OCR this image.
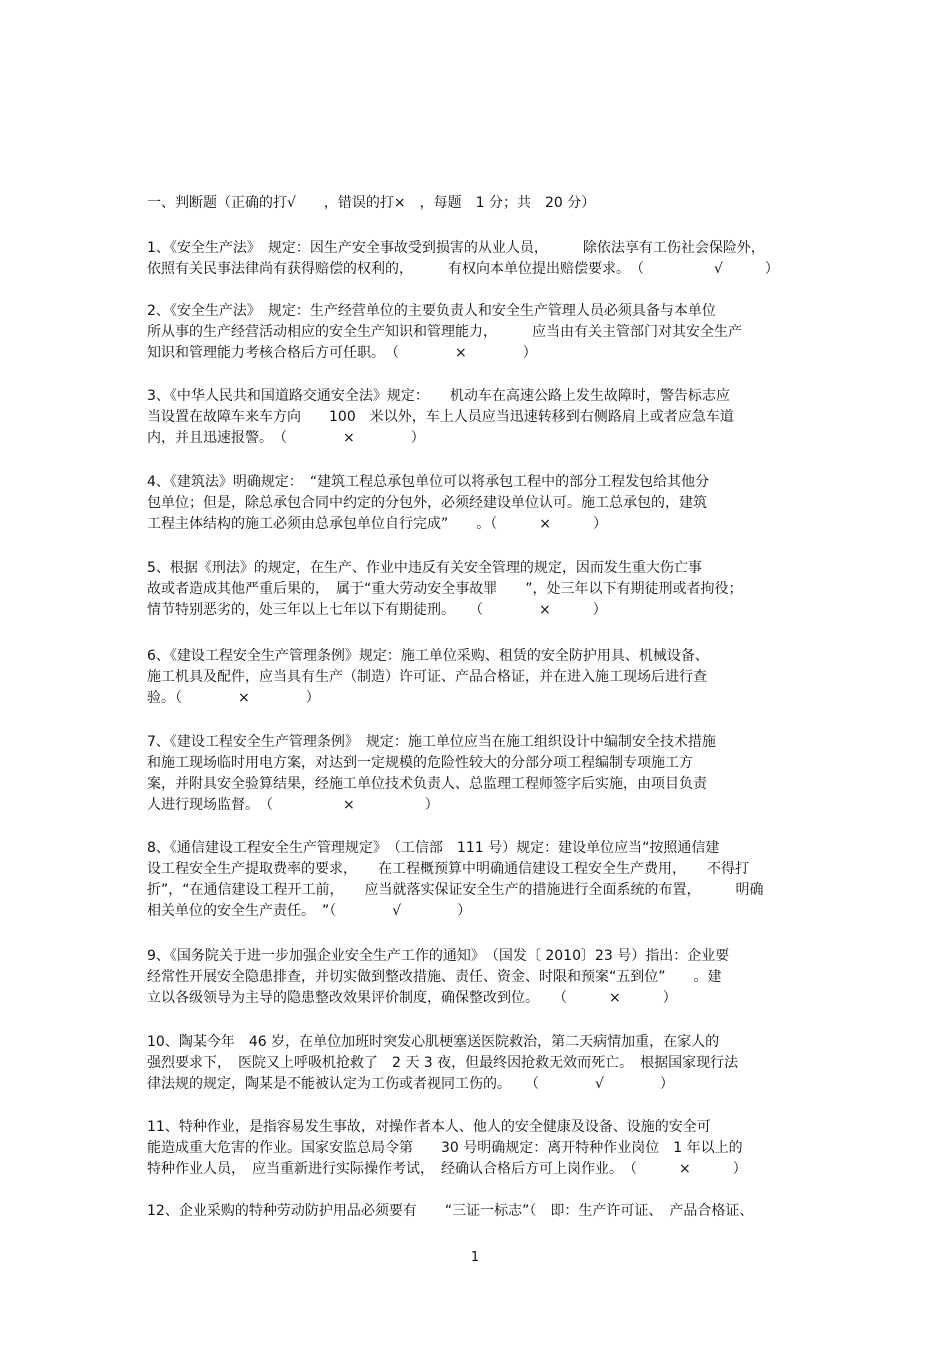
一、判断题（正确的打√　　，错误的打×　，每题　1 分；共　20 分）
1、《安全生产法》　规定：因生产安全事故受到损害的从业人员，　　　除依法享有工伤社会保险外，
依照有关民事法律尚有获得赔偿的权利的，　　　有权向本单位提出赔偿要求。　（　　　　　√　　　）
2、《安全生产法》　规定：生产经营单位的主要负责人和安全生产管理人员必须具备与本单位
所从事的生产经营活动相应的安全生产知识和管理能力，　　　应当由有关主管部门对其安全生产
知识和管理能力考核合格后方可任职。　（　　　　×　　　　）
3、《中华人民共和国道路交通安全法》规定：　　机动车在高速公路上发生故障时，警告标志应
当设置在故障车来车方向　　100　米以外，车上人员应当迅速转移到右侧路肩上或者应急车道
内，并且迅速报警。　（　　　　×　　　　）
4、《建筑法》明确规定：　“建筑工程总承包单位可以将承包工程中的部分工程发包给其他分
包单位；但是，除总承包合同中约定的分包外，必须经建设单位认可。施工总承包的，建筑
工程主体结构的施工必须由总承包单位自行完成”　　。（　　　×　　　）
5、根据《刑法》的规定，在生产、作业中违反有关安全管理的规定，因而发生重大伤亡事
故或者造成其他严重后果的，　属于“重大劳动安全事故罪　　”，处三年以下有期徒刑或者拘役；
情节特别恶劣的，处三年以上七年以下有期徒刑。　　（　　　　×　　　）
6、《建设工程安全生产管理条例》规定：施工单位采购、租赁的安全防护用具、机械设备、
施工机具及配件，应当具有生产（制造）许可证、产品合格证，并在进入施工现场后进行查
验。（　　　　×　　　　）
7、《建设工程安全生产管理条例》　规定：施工单位应当在施工组织设计中编制安全技术措施
和施工现场临时用电方案，对达到一定规模的危险性较大的分部分项工程编制专项施工方
案，并附具安全验算结果，经施工单位技术负责人、总监理工程师签字后实施，由项目负责
人进行现场监督。　（　　　　　×　　　　　）
8、《通信建设工程安全生产管理规定》　（工信部　111 号）规定：建设单位应当“按照通信建
设工程安全生产提取费率的要求，　　在工程概预算中明确通信建设工程安全生产费用，　　不得打
折”，“在通信建设工程开工前，　　应当就落实保证安全生产的措施进行全面系统的布置，　　　明确
相关单位的安全生产责任。　”（　　　　√　　　　）
9、《国务院关于进一步加强企业安全生产工作的通知》　（国发〔 2010〕23 号）指出：企业要
经常性开展安全隐患排查，并切实做到整改措施、责任、资金、时限和预案“五到位”　　。建
立以各级领导为主导的隐患整改效果评价制度，确保整改到位。　　（　　　×　　　）
10、陶某今年　46 岁，在单位加班时突发心肌梗塞送医院救治，第二天病情加重，在家人的
强烈要求下，　医院又上呼吸机抢救了　2 天 3 夜，但最终因抢救无效而死亡。　根据国家现行法
律法规的规定，陶某是不能被认定为工伤或者视同工伤的。　　（　　　　√　　　　）
11、特种作业，是指容易发生事故，对操作者本人、他人的安全健康及设备、设施的安全可
能造成重大危害的作业。国家安监总局令第　　30 号明确规定：离开特种作业岗位　1 年以上的
特种作业人员，　应当重新进行实际操作考试，　经确认合格后方可上岗作业。　（　　　×　　　）
12、企业采购的特种劳动防护用品必须要有　　“三证一标志”（　即：生产许可证、　产品合格证、
1
